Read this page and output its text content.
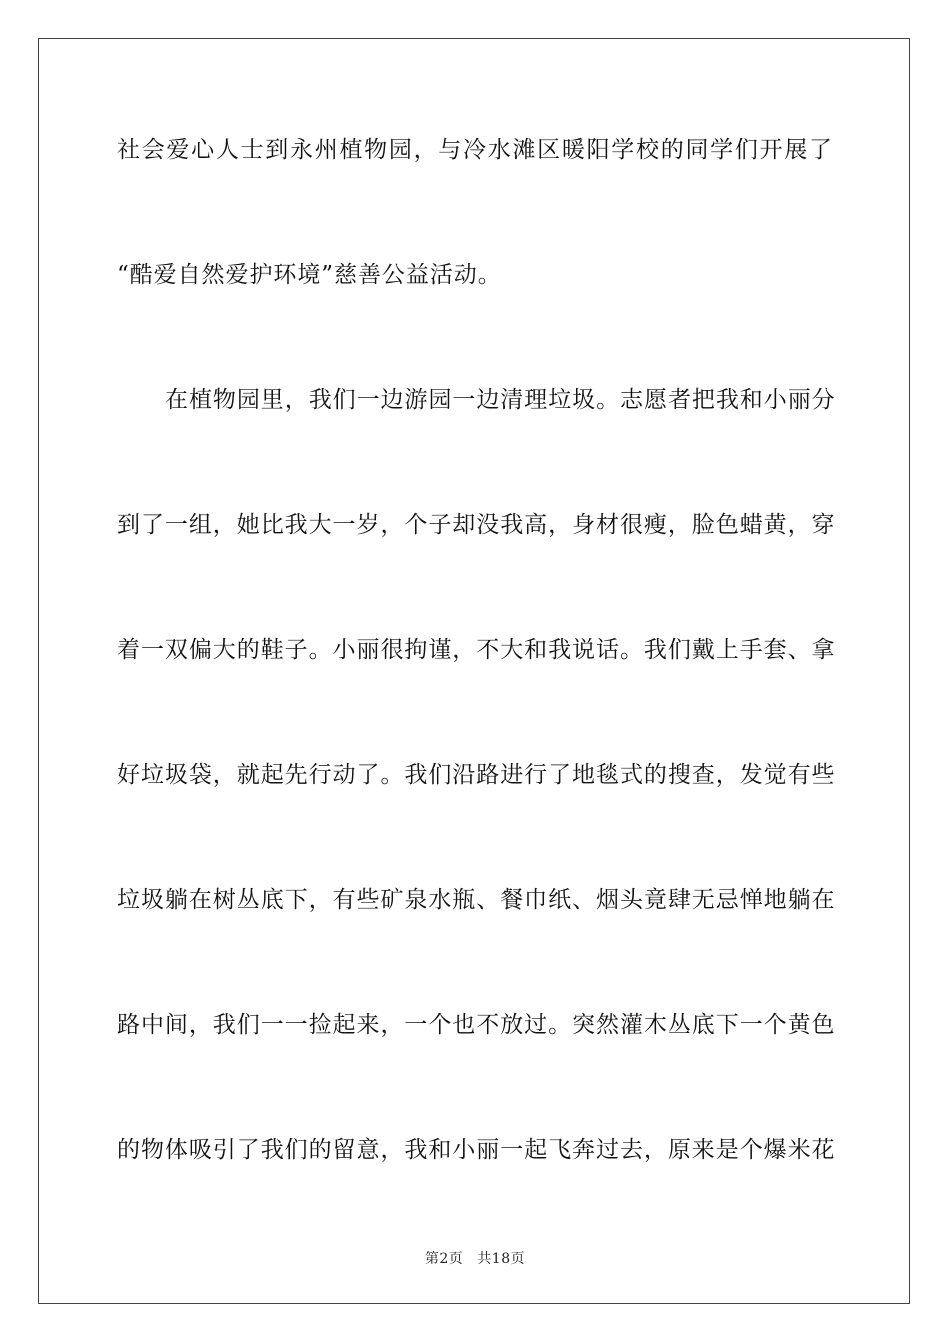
社会爱心人士到永州植物园，与冷水滩区暖阳学校的同学们开展了
“酷爱自然爱护环境”慈善公益活动。
在植物园里，我们一边游园一边清理垃圾。志愿者把我和小丽分
到了一组，她比我大一岁，个子却没我高，身材很瘦，脸色蜡黄，穿
着一双偏大的鞋子。小丽很拘谨，不大和我说话。我们戴上手套、拿
好垃圾袋，就起先行动了。我们沿路进行了地毯式的搜查，发觉有些
垃圾躺在树丛底下，有些矿泉水瓶、餐巾纸、烟头竟肆无忌惮地躺在
路中间，我们一一捡起来，一个也不放过。突然灌木丛底下一个黄色
的物体吸引了我们的留意，我和小丽一起飞奔过去，原来是个爆米花
第2页 共18页
